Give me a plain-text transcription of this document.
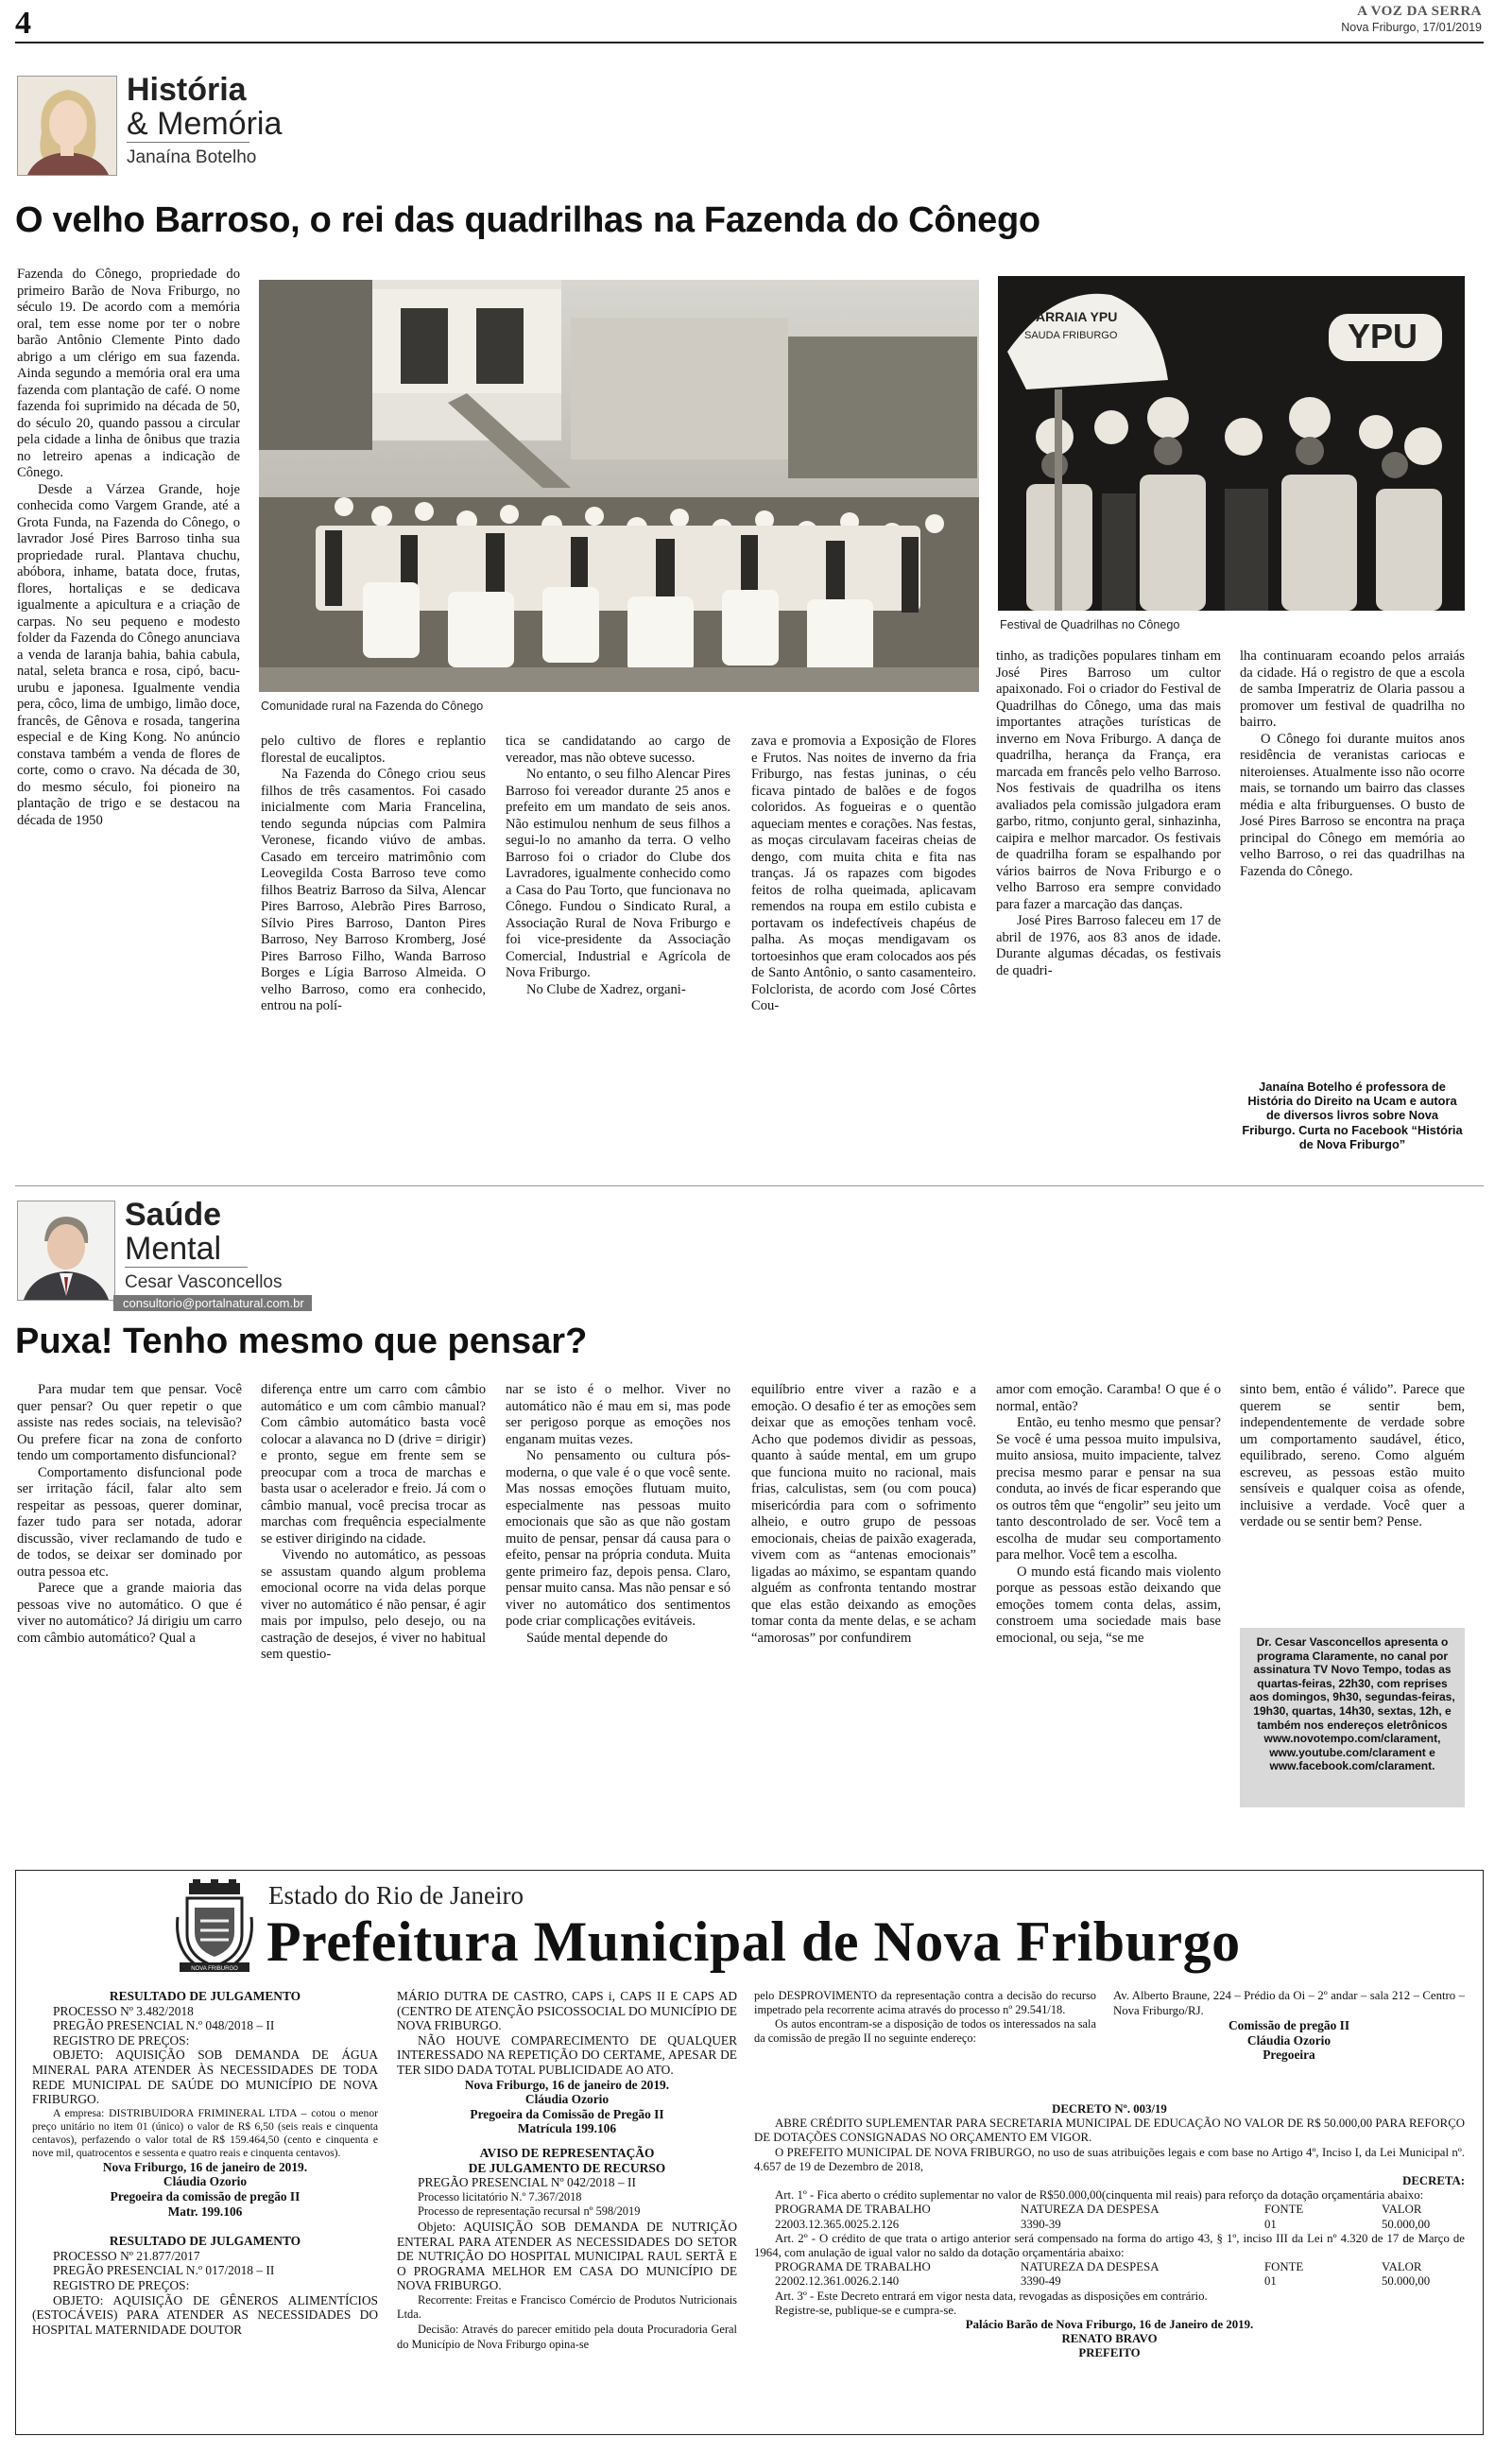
4	A VOZ DA SERRA
Nova Friburgo, 17/01/2019
História
& Memória
Janaína Botelho
O velho Barroso, o rei das quadrilhas na Fazenda do Cônego

Fazenda do Cônego, propriedade do primeiro Barão de Nova Friburgo, no século 19. De acordo com a memória oral, tem esse nome por ter o nobre barão Antônio Clemente Pinto dado abrigo a um clérigo em sua fazenda. Ainda segundo a memória oral era uma fazenda com plantação de café. O nome fazenda foi suprimido na década de 50, do século 20, quando passou a circular pela cidade a linha de ônibus que trazia no letreiro apenas a indicação de Cônego.

Desde a Várzea Grande, hoje conhecida como Vargem Grande, até a Grota Funda, na Fazenda do Cônego, o lavrador José Pires Barroso tinha sua propriedade rural. Plantava chuchu, abóbora, inhame, batata doce, frutas, flores, hortaliças e se dedicava igualmente a apicultura e a criação de carpas. No seu pequeno e modesto folder da Fazenda do Cônego anunciava a venda de laranja bahia, bahia cabula, natal, seleta branca e rosa, cipó, bacu-urubu e japonesa. Igualmente vendia pera, côco, lima de umbigo, limão doce, francês, de Gênova e rosada, tangerina especial e de King Kong. No anúncio constava também a venda de flores de corte, como o cravo. Na década de 30, do mesmo século, foi pioneiro na plantação de trigo e se destacou na década de 1950

Comunidade rural na Fazenda do Cônego
ARRAIA YPU
SAUDA FRIBURGO	YPU
Festival de Quadrilhas no Cônego

pelo cultivo de flores e replantio florestal de eucaliptos.

Na Fazenda do Cônego criou seus filhos de três casamentos. Foi casado inicialmente com Maria Francelina, tendo segunda núpcias com Palmira Veronese, ficando viúvo de ambas. Casado em terceiro matrimônio com Leovegilda Costa Barroso teve como filhos Beatriz Barroso da Silva, Alencar Pires Barroso, Alebrão Pires Barroso, Sílvio Pires Barroso, Danton Pires Barroso, Ney Barroso Kromberg, José Pires Barroso Filho, Wanda Barroso Borges e Lígia Barroso Almeida. O velho Barroso, como era conhecido, entrou na polí-

tica se candidatando ao cargo de vereador, mas não obteve sucesso.

No entanto, o seu filho Alencar Pires Barroso foi vereador durante 25 anos e prefeito em um mandato de seis anos. Não estimulou nenhum de seus filhos a segui-lo no amanho da terra. O velho Barroso foi o criador do Clube dos Lavradores, igualmente conhecido como a Casa do Pau Torto, que funcionava no Cônego. Fundou o Sindicato Rural, a Associação Rural de Nova Friburgo e foi vice-presidente da Associação Comercial, Industrial e Agrícola de Nova Friburgo.

No Clube de Xadrez, organi-

zava e promovia a Exposição de Flores e Frutos. Nas noites de inverno da fria Friburgo, nas festas juninas, o céu ficava pintado de balões e de fogos coloridos. As fogueiras e o quentão aqueciam mentes e corações. Nas festas, as moças circulavam faceiras cheias de dengo, com muita chita e fita nas tranças. Já os rapazes com bigodes feitos de rolha queimada, aplicavam remendos na roupa em estilo cubista e portavam os indefectíveis chapéus de palha. As moças mendigavam os tortoesinhos que eram colocados aos pés de Santo Antônio, o santo casamenteiro. Folclorista, de acordo com José Côrtes Cou-

tinho, as tradições populares tinham em José Pires Barroso um cultor apaixonado. Foi o criador do Festival de Quadrilhas do Cônego, uma das mais importantes atrações turísticas de inverno em Nova Friburgo. A dança de quadrilha, herança da França, era marcada em francês pelo velho Barroso. Nos festivais de quadrilha os itens avaliados pela comissão julgadora eram garbo, ritmo, conjunto geral, sinhazinha, caipira e melhor marcador. Os festivais de quadrilha foram se espalhando por vários bairros de Nova Friburgo e o velho Barroso era sempre convidado para fazer a marcação das danças.

José Pires Barroso faleceu em 17 de abril de 1976, aos 83 anos de idade. Durante algumas décadas, os festivais de quadri-

lha continuaram ecoando pelos arraiás da cidade. Há o registro de que a escola de samba Imperatriz de Olaria passou a promover um festival de quadrilha no bairro.

O Cônego foi durante muitos anos residência de veranistas cariocas e niteroienses. Atualmente isso não ocorre mais, se tornando um bairro das classes média e alta friburguenses. O busto de José Pires Barroso se encontra na praça principal do Cônego em memória ao velho Barroso, o rei das quadrilhas na Fazenda do Cônego.

Janaína Botelho é professora de História do Direito na Ucam e autora de diversos livros sobre Nova Friburgo. Curta no Facebook “História de Nova Friburgo”
Saúde
Mental
Cesar Vasconcellos
consultorio@portalnatural.com.br
Puxa! Tenho mesmo que pensar?

Para mudar tem que pensar. Você quer pensar? Ou quer repetir o que assiste nas redes sociais, na televisão? Ou prefere ficar na zona de conforto tendo um comportamento disfuncional?

Comportamento disfuncional pode ser irritação fácil, falar alto sem respeitar as pessoas, querer dominar, fazer tudo para ser notada, adorar discussão, viver reclamando de tudo e de todos, se deixar ser dominado por outra pessoa etc.

Parece que a grande maioria das pessoas vive no automático. O que é viver no automático? Já dirigiu um carro com câmbio automático? Qual a

diferença entre um carro com câmbio automático e um com câmbio manual? Com câmbio automático basta você colocar a alavanca no D (drive = dirigir) e pronto, segue em frente sem se preocupar com a troca de marchas e basta usar o acelerador e freio. Já com o câmbio manual, você precisa trocar as marchas com frequência especialmente se estiver dirigindo na cidade.

Vivendo no automático, as pessoas se assustam quando algum problema emocional ocorre na vida delas porque viver no automático é não pensar, é agir mais por impulso, pelo desejo, ou na castração de desejos, é viver no habitual sem questio-

nar se isto é o melhor. Viver no automático não é mau em si, mas pode ser perigoso porque as emoções nos enganam muitas vezes.

No pensamento ou cultura pós-moderna, o que vale é o que você sente. Mas nossas emoções flutuam muito, especialmente nas pessoas muito emocionais que são as que não gostam muito de pensar, pensar dá causa para o efeito, pensar na própria conduta. Muita gente primeiro faz, depois pensa. Claro, pensar muito cansa. Mas não pensar e só viver no automático dos sentimentos pode criar complicações evitáveis.

Saúde mental depende do

equilíbrio entre viver a razão e a emoção. O desafio é ter as emoções sem deixar que as emoções tenham você. Acho que podemos dividir as pessoas, quanto à saúde mental, em um grupo que funciona muito no racional, mais frias, calculistas, sem (ou com pouca) misericórdia para com o sofrimento alheio, e outro grupo de pessoas emocionais, cheias de paixão exagerada, vivem com as “antenas emocionais” ligadas ao máximo, se espantam quando alguém as confronta tentando mostrar que elas estão deixando as emoções tomar conta da mente delas, e se acham “amorosas” por confundirem

amor com emoção. Caramba! O que é o normal, então?

Então, eu tenho mesmo que pensar? Se você é uma pessoa muito impulsiva, muito ansiosa, muito impaciente, talvez precisa mesmo parar e pensar na sua conduta, ao invés de ficar esperando que os outros têm que “engolir” seu jeito um tanto descontrolado de ser. Você tem a escolha de mudar seu comportamento para melhor. Você tem a escolha.

O mundo está ficando mais violento porque as pessoas estão deixando que emoções tomem conta delas, assim, constroem uma sociedade mais base emocional, ou seja, “se me

sinto bem, então é válido”. Parece que querem se sentir bem, independentemente de verdade sobre um comportamento saudável, ético, equilibrado, sereno. Como alguém escreveu, as pessoas estão muito sensíveis e qualquer coisa as ofende, incluisive a verdade. Você quer a verdade ou se sentir bem? Pense.

Dr. Cesar Vasconcellos apresenta o programa Claramente, no canal por assinatura TV Novo Tempo, todas as quartas-feiras, 22h30, com reprises aos domingos, 9h30, segundas-feiras, 19h30, quartas, 14h30, sextas, 12h, e também nos endereços eletrônicos www.novotempo.com/clarament, www.youtube.com/clarament e www.facebook.com/clarament.
NOVA FRIBURGO
Estado do Rio de Janeiro
Prefeitura Municipal de Nova Friburgo

RESULTADO DE JULGAMENTO

PROCESSO Nº 3.482/2018

PREGÃO PRESENCIAL N.º 048/2018 – II

REGISTRO DE PREÇOS:

OBJETO: AQUISIÇÃO SOB DEMANDA DE ÁGUA MINERAL PARA ATENDER ÀS NECESSIDADES DE TODA REDE MUNICIPAL DE SAÚDE DO MUNICÍPIO DE NOVA FRIBURGO.

A empresa: DISTRIBUIDORA FRIMINERAL LTDA – cotou o menor preço unitário no item 01 (único) o valor de R$ 6,50 (seis reais e cinquenta centavos), perfazendo o valor total de R$ 159.464,50 (cento e cinquenta e nove mil, quatrocentos e sessenta e quatro reais e cinquenta centavos).

Nova Friburgo, 16 de janeiro de 2019.

Cláudia Ozorio

Pregoeira da comissão de pregão II

Matr. 199.106

RESULTADO DE JULGAMENTO

PROCESSO Nº 21.877/2017

PREGÃO PRESENCIAL N.º 017/2018 – II

REGISTRO DE PREÇOS:

OBJETO: AQUISIÇÃO DE GÊNEROS ALIMENTÍCIOS (ESTOCÁVEIS) PARA ATENDER AS NECESSIDADES DO HOSPITAL MATERNIDADE DOUTOR

MÁRIO DUTRA DE CASTRO, CAPS i, CAPS II E CAPS AD (CENTRO DE ATENÇÃO PSICOSSOCIAL DO MUNICÍPIO DE NOVA FRIBURGO.

NÃO HOUVE COMPARECIMENTO DE QUALQUER INTERESSADO NA REPETIÇÃO DO CERTAME, APESAR DE TER SIDO DADA TOTAL PUBLICIDADE AO ATO.

Nova Friburgo, 16 de janeiro de 2019.

Cláudia Ozorio

Pregoeira da Comissão de Pregão II

Matrícula 199.106

AVISO DE REPRESENTAÇÃO

DE JULGAMENTO DE RECURSO

PREGÃO PRESENCIAL Nº 042/2018 – II

Processo licitatório N.º 7.367/2018

Processo de representação recursal nº 598/2019

Objeto: AQUISIÇÃO SOB DEMANDA DE NUTRIÇÃO ENTERAL PARA ATENDER AS NECESSIDADES DO SETOR DE NUTRIÇÃO DO HOSPITAL MUNICIPAL RAUL SERTÃ E O PROGRAMA MELHOR EM CASA DO MUNICÍPIO DE NOVA FRIBURGO.

Recorrente: Freitas e Francisco Comércio de Produtos Nutricionais Ltda.

Decisão: Através do parecer emitido pela douta Procuradoria Geral do Município de Nova Friburgo opina-se

pelo DESPROVIMENTO da representação contra a decisão do recurso impetrado pela recorrente acima através do processo nº 29.541/18.

Os autos encontram-se a disposição de todos os interessados na sala da comissão de pregão II no seguinte endereço:

Av. Alberto Braune, 224 – Prédio da Oi – 2º andar – sala 212 – Centro – Nova Friburgo/RJ.

Comissão de pregão II

Cláudia Ozorio

Pregoeira

DECRETO Nº. 003/19

ABRE CRÉDITO SUPLEMENTAR PARA SECRETARIA MUNICIPAL DE EDUCAÇÃO NO VALOR DE R$ 50.000,00 PARA REFORÇO DE DOTAÇÕES CONSIGNADAS NO ORÇAMENTO EM VIGOR.

O PREFEITO MUNICIPAL DE NOVA FRIBURGO, no uso de suas atribuições legais e com base no Artigo 4º, Inciso I, da Lei Municipal nº. 4.657 de 19 de Dezembro de 2018,

DECRETA:

Art. 1º - Fica aberto o crédito suplementar no valor de R$50.000,00(cinquenta mil reais) para reforço da dotação orçamentária abaixo:

PROGRAMA DE TRABALHO	NATUREZA DA DESPESA	FONTE	VALOR
22003.12.365.0025.2.126	3390-39	01	50.000,00

Art. 2º - O crédito de que trata o artigo anterior será compensado na forma do artigo 43, § 1º, inciso III da Lei nº 4.320 de 17 de Março de 1964, com anulação de igual valor no saldo da dotação orçamentária abaixo:

PROGRAMA DE TRABALHO	NATUREZA DA DESPESA	FONTE	VALOR
22002.12.361.0026.2.140	3390-49	01	50.000,00

Art. 3º - Este Decreto entrará em vigor nesta data, revogadas as disposições em contrário.

Registre-se, publique-se e cumpra-se.

Palácio Barão de Nova Friburgo, 16 de Janeiro de 2019.

RENATO BRAVO

PREFEITO
